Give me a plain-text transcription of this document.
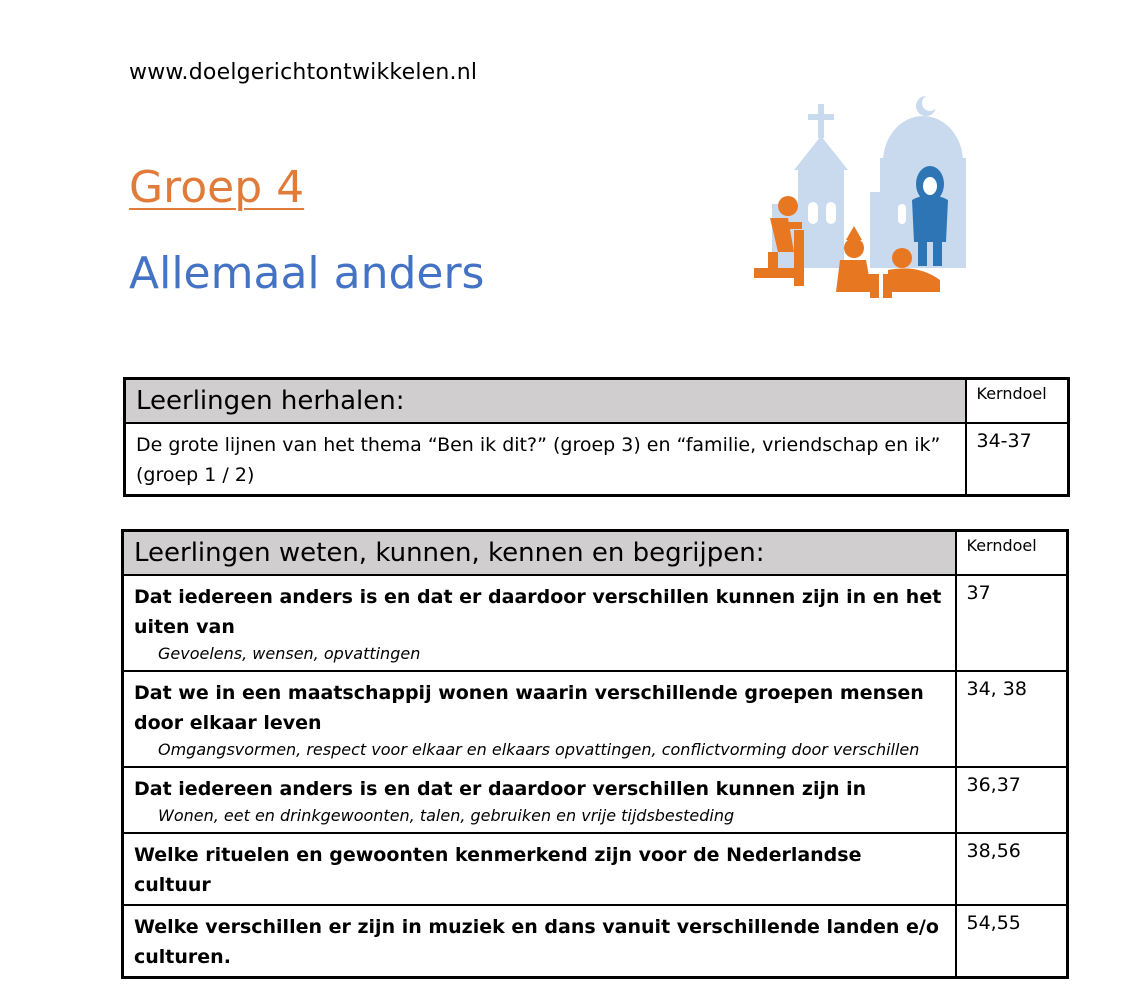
www.doelgerichtontwikkelen.nl
Groep 4
Allemaal anders
Leerlingen herhalen:	Kerndoel
De grote lijnen van het thema “Ben ik dit?” (groep 3) en “familie, vriendschap en ik” (groep 1 / 2)	34-37
Leerlingen weten, kunnen, kennen en begrijpen:	Kerndoel
Dat iedereen anders is en dat er daardoor verschillen kunnen zijn in en het uiten van
Gevoelens, wensen, opvattingen	37
Dat we in een maatschappij wonen waarin verschillende groepen mensen door elkaar leven
Omgangsvormen, respect voor elkaar en elkaars opvattingen, conflictvorming door verschillen	34, 38
Dat iedereen anders is en dat er daardoor verschillen kunnen zijn in
Wonen, eet en drinkgewoonten, talen, gebruiken en vrije tijdsbesteding	36,37
Welke rituelen en gewoonten kenmerkend zijn voor de Nederlandse cultuur	38,56
Welke verschillen er zijn in muziek en dans vanuit verschillende landen e/o culturen.	54,55
